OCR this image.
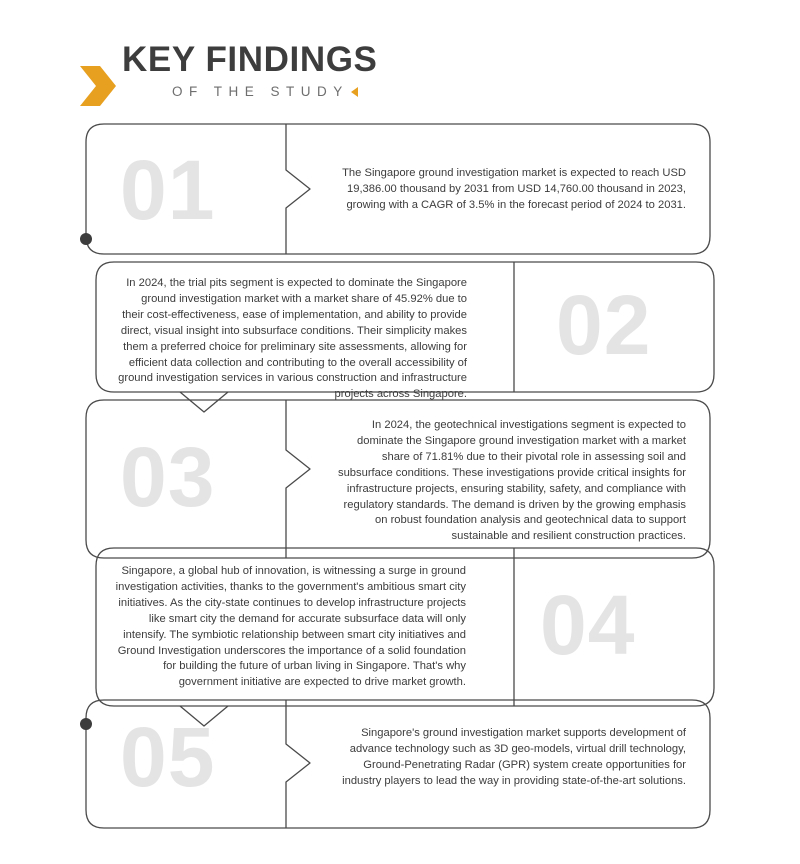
KEY FINDINGS
OF THE STUDY
01
02
03
04
05
The Singapore ground investigation market is expected to reach USD 19,386.00 thousand by 2031 from USD 14,760.00 thousand in 2023, growing with a CAGR of 3.5% in the forecast period of 2024 to 2031.
In 2024, the trial pits segment is expected to dominate the Singapore ground investigation market with a market share of 45.92% due to their cost-effectiveness, ease of implementation, and ability to provide direct, visual insight into subsurface conditions. Their simplicity makes them a preferred choice for preliminary site assessments, allowing for efficient data collection and contributing to the overall accessibility of ground investigation services in various construction and infrastructure projects across Singapore.
In 2024, the geotechnical investigations segment is expected to dominate the Singapore ground investigation market with a market share of 71.81% due to their pivotal role in assessing soil and subsurface conditions. These investigations provide critical insights for infrastructure projects, ensuring stability, safety, and compliance with regulatory standards. The demand is driven by the growing emphasis on robust foundation analysis and geotechnical data to support sustainable and resilient construction practices.
Singapore, a global hub of innovation, is witnessing a surge in ground investigation activities, thanks to the government's ambitious smart city initiatives. As the city-state continues to develop infrastructure projects like smart city the demand for accurate subsurface data will only intensify. The symbiotic relationship between smart city initiatives and Ground Investigation underscores the importance of a solid foundation for building the future of urban living in Singapore. That's why government initiative are expected to drive market growth.
Singapore's ground investigation market supports development of advance technology such as 3D geo-models, virtual drill technology, Ground-Penetrating Radar (GPR) system create opportunities for industry players to lead the way in providing state-of-the-art solutions.
